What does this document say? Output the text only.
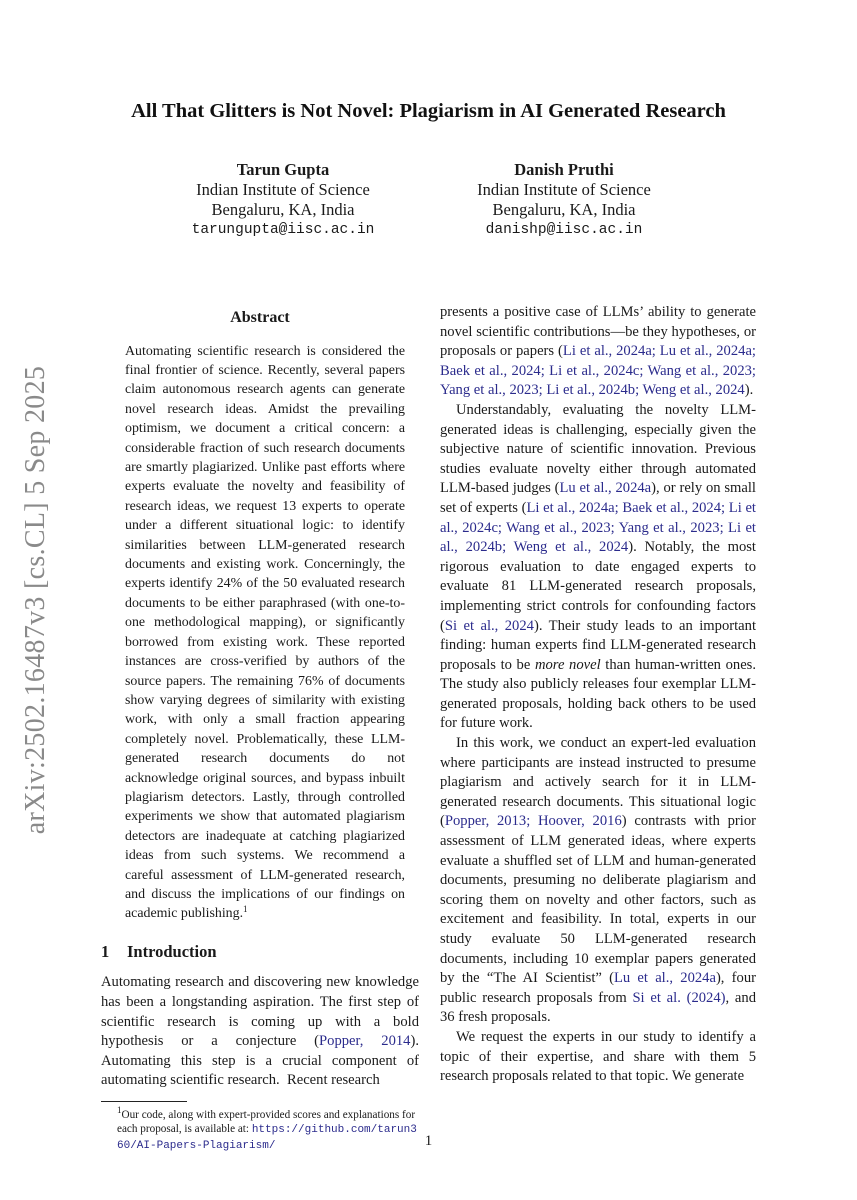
arXiv:2502.16487v3 [cs.CL] 5 Sep 2025
All That Glitters is Not Novel: Plagiarism in AI Generated Research
Tarun Gupta
Indian Institute of Science
Bengaluru, KA, India
tarungupta@iisc.ac.in
Danish Pruthi
Indian Institute of Science
Bengaluru, KA, India
danishp@iisc.ac.in
Abstract

Automating scientific research is considered the final frontier of science. Recently, several papers claim autonomous research agents can generate novel research ideas. Amidst the prevailing optimism, we document a critical concern: a considerable fraction of such research documents are smartly plagiarized. Unlike past efforts where experts evaluate the novelty and feasibility of research ideas, we request 13 experts to operate under a different situational logic: to identify similarities between LLM-generated research documents and existing work. Concerningly, the experts identify 24% of the 50 evaluated research documents to be either paraphrased (with one-to-one methodological mapping), or significantly borrowed from existing work. These reported instances are cross-verified by authors of the source papers. The remaining 76% of documents show varying degrees of similarity with existing work, with only a small fraction appearing completely novel. Problematically, these LLM-generated research documents do not acknowledge original sources, and bypass inbuilt plagiarism detectors. Lastly, through controlled experiments we show that automated plagiarism detectors are inadequate at catching plagiarized ideas from such systems. We recommend a careful assessment of LLM-generated research, and discuss the implications of our findings on academic publishing.$^1$

1 Introduction

Automating research and discovering new knowledge has been a longstanding aspiration. The first step of scientific research is coming up with a bold hypothesis or a conjecture (Popper, 2014). Automating this step is a crucial component of automating scientific research.  Recent research

$^1$Our code, along with expert-provided scores and explanations for each proposal, is available at: https://github.com/tarun360/AI-Papers-Plagiarism/

presents a positive case of LLMs’ ability to generate novel scientific contributions—be they hypotheses, or proposals or papers (Li et al., 2024a; Lu et al., 2024a; Baek et al., 2024; Li et al., 2024c; Wang et al., 2023; Yang et al., 2023; Li et al., 2024b; Weng et al., 2024).

Understandably, evaluating the novelty LLM-generated ideas is challenging, especially given the subjective nature of scientific innovation. Previous studies evaluate novelty either through automated LLM-based judges (Lu et al., 2024a), or rely on small set of experts (Li et al., 2024a; Baek et al., 2024; Li et al., 2024c; Wang et al., 2023; Yang et al., 2023; Li et al., 2024b; Weng et al., 2024). Notably, the most rigorous evaluation to date engaged experts to evaluate 81 LLM-generated research proposals, implementing strict controls for confounding factors (Si et al., 2024). Their study leads to an important finding: human experts find LLM-generated research proposals to be more novel than human-written ones. The study also publicly releases four exemplar LLM-generated proposals, holding back others to be used for future work.

In this work, we conduct an expert-led evaluation where participants are instead instructed to presume plagiarism and actively search for it in LLM-generated research documents. This situational logic (Popper, 2013; Hoover, 2016) contrasts with prior assessment of LLM generated ideas, where experts evaluate a shuffled set of LLM and human-generated documents, presuming no deliberate plagiarism and scoring them on novelty and other factors, such as excitement and feasibility. In total, experts in our study evaluate 50 LLM-generated research documents, including 10 exemplar papers generated by the “The AI Scientist” (Lu et al., 2024a), four public research proposals from Si et al. (2024), and 36 fresh proposals.

We request the experts in our study to identify a topic of their expertise, and share with them 5 research proposals related to that topic. We generate

1
